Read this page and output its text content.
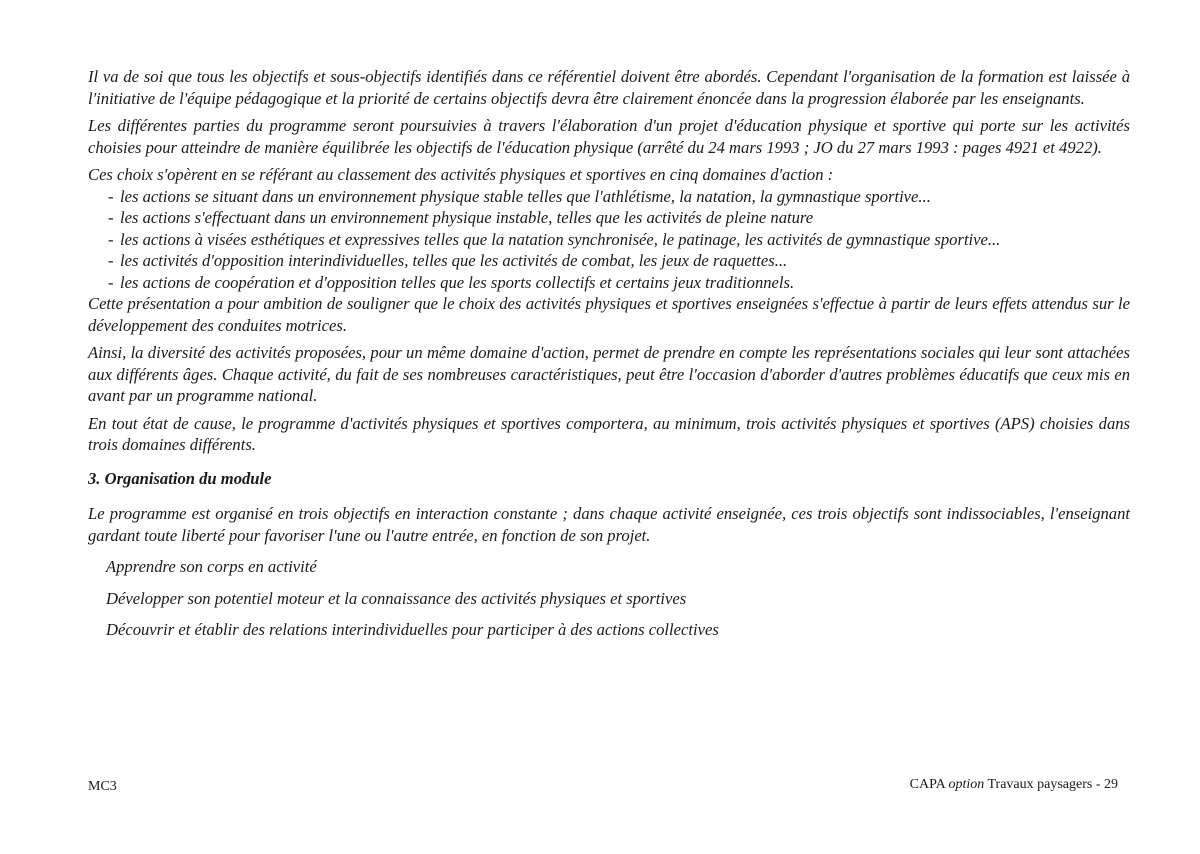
Il va de soi que tous les objectifs et sous-objectifs identifiés dans ce référentiel doivent être abordés. Cependant l'organisation de la formation est laissée à l'initiative de l'équipe pédagogique et la priorité de certains objectifs devra être clairement énoncée dans la progression élaborée par les enseignants.

Les différentes parties du programme seront poursuivies à travers l'élaboration d'un projet d'éducation physique et sportive qui porte sur les activités choisies pour atteindre de manière équilibrée les objectifs de l'éducation physique (arrêté du 24 mars 1993 ; JO du 27 mars 1993 : pages 4921 et 4922).

Ces choix s'opèrent en se référant au classement des activités physiques et sportives en cinq domaines d'action :

- les actions se situant dans un environnement physique stable telles que l'athlétisme, la natation, la gymnastique sportive...
- les actions s'effectuant dans un environnement physique instable, telles que les activités de pleine nature
- les actions à visées esthétiques et expressives telles que la natation synchronisée, le patinage, les activités de gymnastique sportive...
- les activités d'opposition interindividuelles, telles que les activités de combat, les jeux de raquettes...
- les actions de coopération et d'opposition telles que les sports collectifs et certains jeux traditionnels.

Cette présentation a pour ambition de souligner que le choix des activités physiques et sportives enseignées s'effectue à partir de leurs effets attendus sur le développement des conduites motrices.

Ainsi, la diversité des activités proposées, pour un même domaine d'action, permet de prendre en compte les représentations sociales qui leur sont attachées aux différents âges. Chaque activité, du fait de ses nombreuses caractéristiques, peut être l'occasion d'aborder d'autres problèmes éducatifs que ceux mis en avant par un programme national.

En tout état de cause, le programme d'activités physiques et sportives comportera, au minimum, trois activités physiques et sportives (APS) choisies dans trois domaines différents.

3. Organisation du module

Le programme est organisé en trois objectifs en interaction constante ; dans chaque activité enseignée, ces trois objectifs sont indissociables, l'enseignant gardant toute liberté pour favoriser l'une ou l'autre entrée, en fonction de son projet.

Apprendre son corps en activité
Développer son potentiel moteur et la connaissance des activités physiques et sportives
Découvrir et établir des relations interindividuelles pour participer à des actions collectives
MC3	CAPA option Travaux paysagers - 29
